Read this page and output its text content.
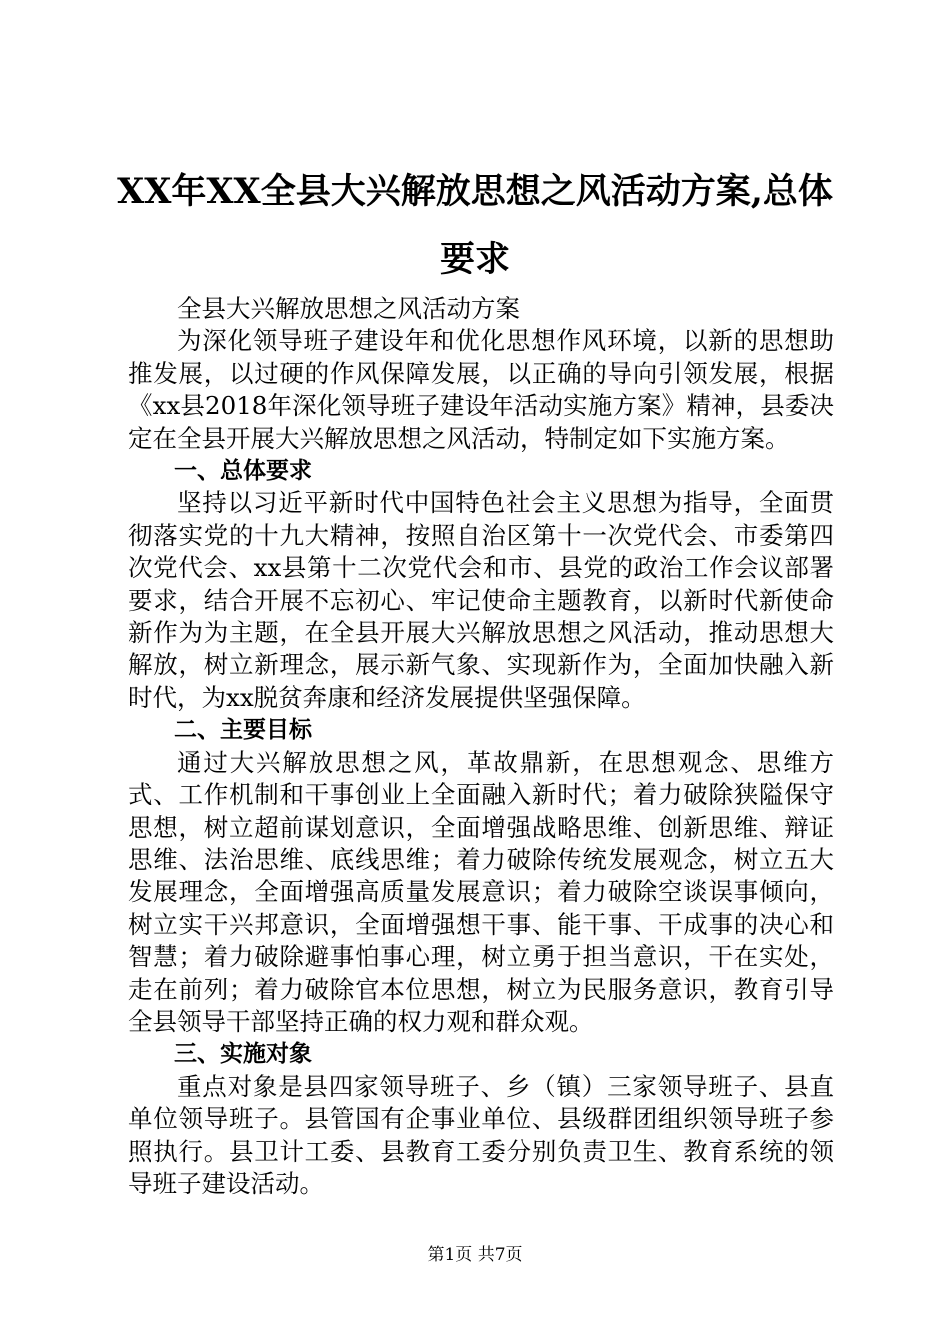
XX年XX全县大兴解放思想之风活动方案,总体要求

全县大兴解放思想之风活动方案

为深化领导班子建设年和优化思想作风环境，以新的思想助推发展，以过硬的作风保障发展，以正确的导向引领发展，根据《xx县2018年深化领导班子建设年活动实施方案》精神，县委决定在全县开展大兴解放思想之风活动，特制定如下实施方案。

一、总体要求

坚持以习近平新时代中国特色社会主义思想为指导，全面贯彻落实党的十九大精神，按照自治区第十一次党代会、市委第四次党代会、xx县第十二次党代会和市、县党的政治工作会议部署要求，结合开展不忘初心、牢记使命主题教育，以新时代新使命新作为为主题，在全县开展大兴解放思想之风活动，推动思想大解放，树立新理念，展示新气象、实现新作为，全面加快融入新时代，为xx脱贫奔康和经济发展提供坚强保障。

二、主要目标

通过大兴解放思想之风，革故鼎新，在思想观念、思维方式、工作机制和干事创业上全面融入新时代；着力破除狭隘保守思想，树立超前谋划意识，全面增强战略思维、创新思维、辩证思维、法治思维、底线思维；着力破除传统发展观念，树立五大发展理念，全面增强高质量发展意识；着力破除空谈误事倾向，树立实干兴邦意识，全面增强想干事、能干事、干成事的决心和智慧；着力破除避事怕事心理，树立勇于担当意识，干在实处，走在前列；着力破除官本位思想，树立为民服务意识，教育引导全县领导干部坚持正确的权力观和群众观。

三、实施对象

重点对象是县四家领导班子、乡（镇）三家领导班子、县直单位领导班子。县管国有企事业单位、县级群团组织领导班子参照执行。县卫计工委、县教育工委分别负责卫生、教育系统的领导班子建设活动。

第1页 共7页
